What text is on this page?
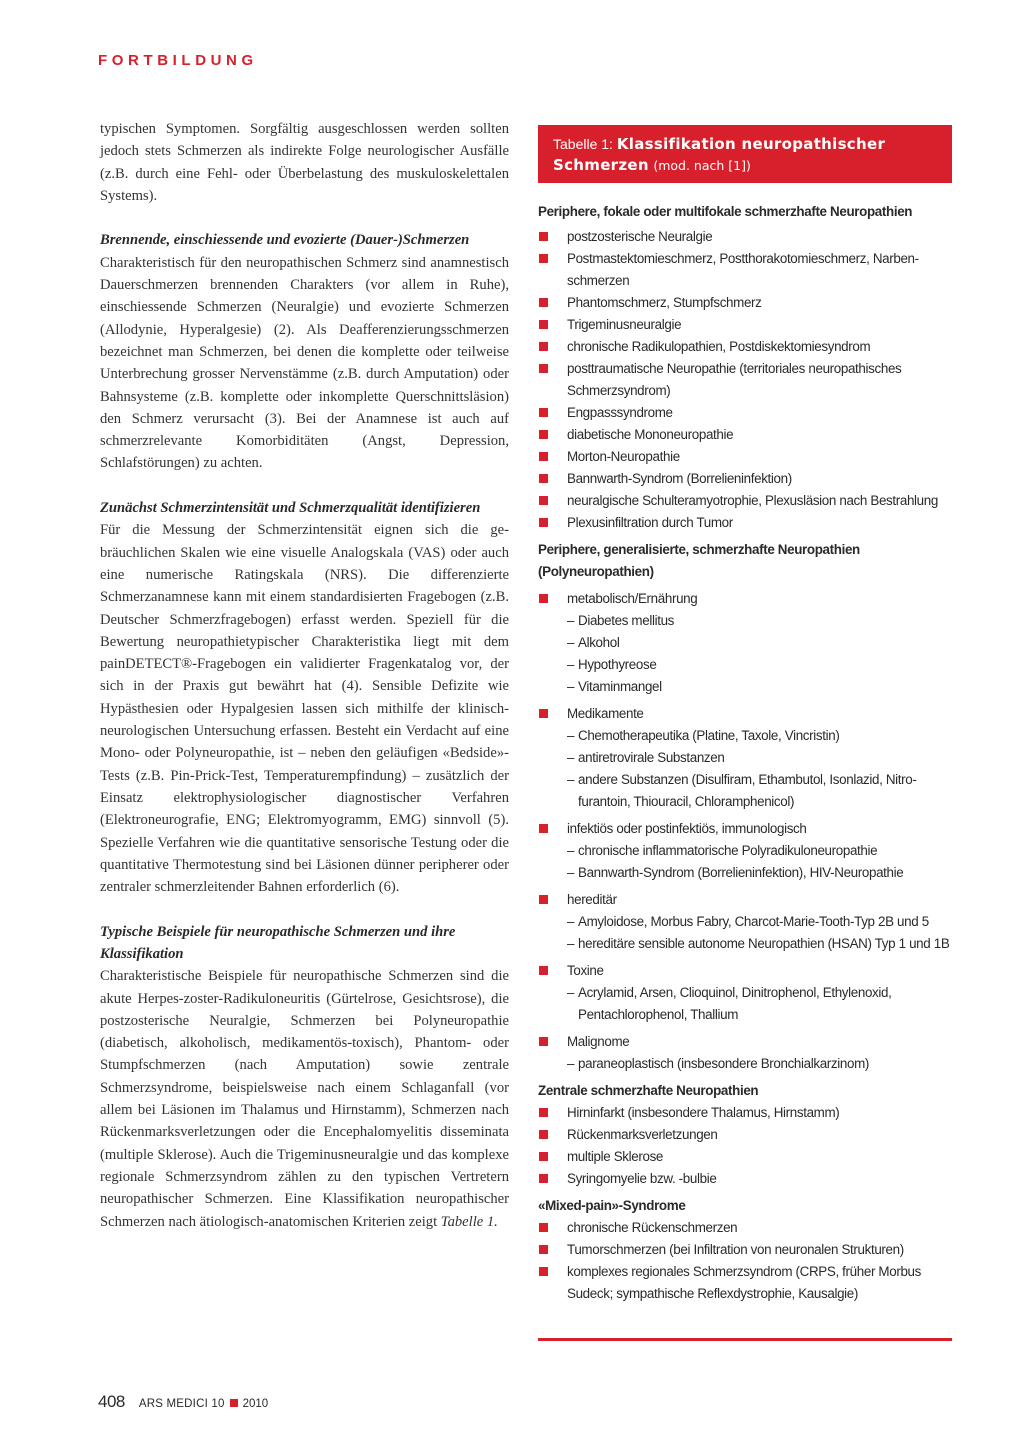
FORTBILDUNG

typischen Symptomen. Sorgfältig ausgeschlossen werden sollten jedoch stets Schmerzen als indirekte Folge neurologischer Ausfälle (z.B. durch eine Fehl- oder Überbelastung des muskuloskelettalen Systems).

Brennende, einschiessende und evozierte (Dauer-)Schmerzen

Charakteristisch für den neuropathischen Schmerz sind anamnestisch Dauerschmerzen brennenden Charakters (vor allem in Ruhe), einschiessende Schmerzen (Neuralgie) und evozierte Schmerzen (Allodynie, Hyperalgesie) (2). Als Deafferenzierungsschmerzen bezeichnet man Schmerzen, bei denen die komplette oder teilweise Unterbrechung grosser Nervenstämme (z.B. durch Amputation) oder Bahnsysteme (z.B. komplette oder inkomplette Querschnittsläsion) den Schmerz verursacht (3). Bei der Anamnese ist auch auf schmerzrelevante Komorbiditäten (Angst, Depression, Schlafstörungen) zu achten.

Zunächst Schmerzintensität und Schmerzqualität identifizieren

Für die Messung der Schmerzintensität eignen sich die gebräuchlichen Skalen wie eine visuelle Analogskala (VAS) oder auch eine numerische Ratingskala (NRS). Die differenzierte Schmerzanamnese kann mit einem standardisierten Fragebogen (z.B. Deutscher Schmerzfragebogen) erfasst werden. Speziell für die Bewertung neuropathietypischer Charakteristika liegt mit dem painDETECT®-Fragebogen ein validierter Fragenkatalog vor, der sich in der Praxis gut bewährt hat (4). Sensible Defizite wie Hypästhesien oder Hypalgesien lassen sich mithilfe der klinisch-neurologischen Untersuchung erfassen. Besteht ein Verdacht auf eine Mono- oder Polyneuropathie, ist – neben den geläufigen «Bedside»-Tests (z.B. Pin-Prick-Test, Temperaturempfindung) – zusätzlich der Einsatz elektrophysiologischer diagnostischer Verfahren (Elektroneurografie, ENG; Elektromyogramm, EMG) sinnvoll (5). Spezielle Verfahren wie die quantitative sensorische Testung oder die quantitative Thermotestung sind bei Läsionen dünner peripherer oder zentraler schmerzleitender Bahnen erforderlich (6).

Typische Beispiele für neuropathische Schmerzen und ihre Klassifikation

Charakteristische Beispiele für neuropathische Schmerzen sind die akute Herpes-zoster-Radikuloneuritis (Gürtelrose, Gesichtsrose), die postzosterische Neuralgie, Schmerzen bei Polyneuropathie (diabetisch, alkoholisch, medikamentös-toxisch), Phantom- oder Stumpfschmerzen (nach Amputation) sowie zentrale Schmerzsyndrome, beispielsweise nach einem Schlaganfall (vor allem bei Läsionen im Thalamus und Hirnstamm), Schmerzen nach Rückenmarksverletzungen oder die Encephalomyelitis disseminata (multiple Sklerose). Auch die Trigeminusneuralgie und das komplexe regionale Schmerzsyndrom zählen zu den typischen Vertretern neuropathischer Schmerzen. Eine Klassifikation neuropathischer Schmerzen nach ätiologisch-anatomischen Kriterien zeigt Tabelle 1.

Tabelle 1: Klassifikation neuropathischer Schmerzen (mod. nach [1])
Periphere, fokale oder multifokale schmerzhafte Neuropathien
postzosterische Neuralgie
Postmastektomieschmerz, Postthorakotomieschmerz, Narbenschmerzen
Phantomschmerz, Stumpfschmerz
Trigeminusneuralgie
chronische Radikulopathien, Postdiskektomiesyndrom
posttraumatische Neuropathie (territoriales neuropathisches Schmerzsyndrom)
Engpasssyndrome
diabetische Mononeuropathie
Morton-Neuropathie
Bannwarth-Syndrom (Borrelieninfektion)
neuralgische Schulteramyotrophie, Plexusläsion nach Bestrahlung
Plexusinfiltration durch Tumor
Periphere, generalisierte, schmerzhafte Neuropathien (Polyneuropathien)
metabolisch/Ernährung
– Diabetes mellitus
– Alkohol
– Hypothyreose
– Vitaminmangel
Medikamente
– Chemotherapeutika (Platine, Taxole, Vincristin)
– antiretrovirale Substanzen
– andere Substanzen (Disulfiram, Ethambutol, Isonlazid, Nitrofurantoin, Thiouracil, Chloramphenicol)
infektiös oder postinfektiös, immunologisch
– chronische inflammatorische Polyradikuloneuropathie
– Bannwarth-Syndrom (Borrelieninfektion), HIV-Neuropathie
hereditär
– Amyloidose, Morbus Fabry, Charcot-Marie-Tooth-Typ 2B und 5
– hereditäre sensible autonome Neuropathien (HSAN) Typ 1 und 1B
Toxine
– Acrylamid, Arsen, Clioquinol, Dinitrophenol, Ethylenoxid, Pentachlorophenol, Thallium
Malignome
– paraneoplastisch (insbesondere Bronchialkarzinom)
Zentrale schmerzhafte Neuropathien
Hirninfarkt (insbesondere Thalamus, Hirnstamm)
Rückenmarksverletzungen
multiple Sklerose
Syringomyelie bzw. -bulbie
«Mixed-pain»-Syndrome
chronische Rückenschmerzen
Tumorschmerzen (bei Infiltration von neuronalen Strukturen)
komplexes regionales Schmerzsyndrom (CRPS, früher Morbus Sudeck; sympathische Reflexdystrophie, Kausalgie)
408 ARS MEDICI 10 2010
